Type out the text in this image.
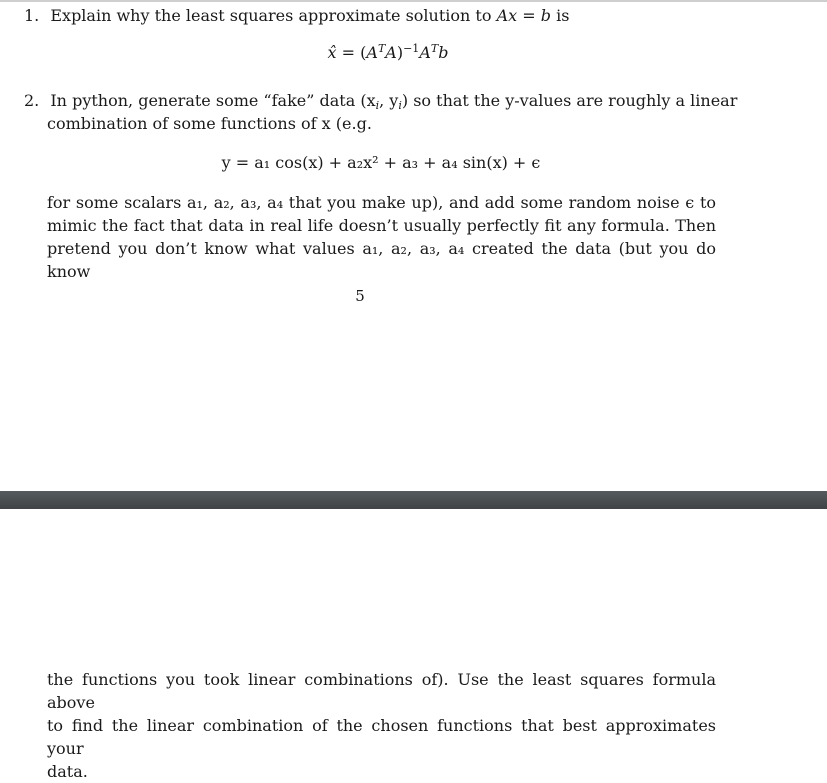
1. Explain why the least squares approximate solution to Ax = b is
x̂ = $(A^TA)^{-1}A^Tb$
2. In python, generate some “fake” data ($x_i$, $y_i$) so that the y-values are roughly a linear
combination of some functions of x (e.g.
y = a₁ cos(x) + a₂x² + a₃ + a₄ sin(x) + ϵ
for some scalars a₁, a₂, a₃, a₄ that you make up), and add some random noise ϵ to
mimic the fact that data in real life doesn’t usually perfectly fit any formula. Then
pretend you don’t know what values a₁, a₂, a₃, a₄ created the data (but you do know
5
the functions you took linear combinations of). Use the least squares formula above
to find the linear combination of the chosen functions that best approximates your
data.
